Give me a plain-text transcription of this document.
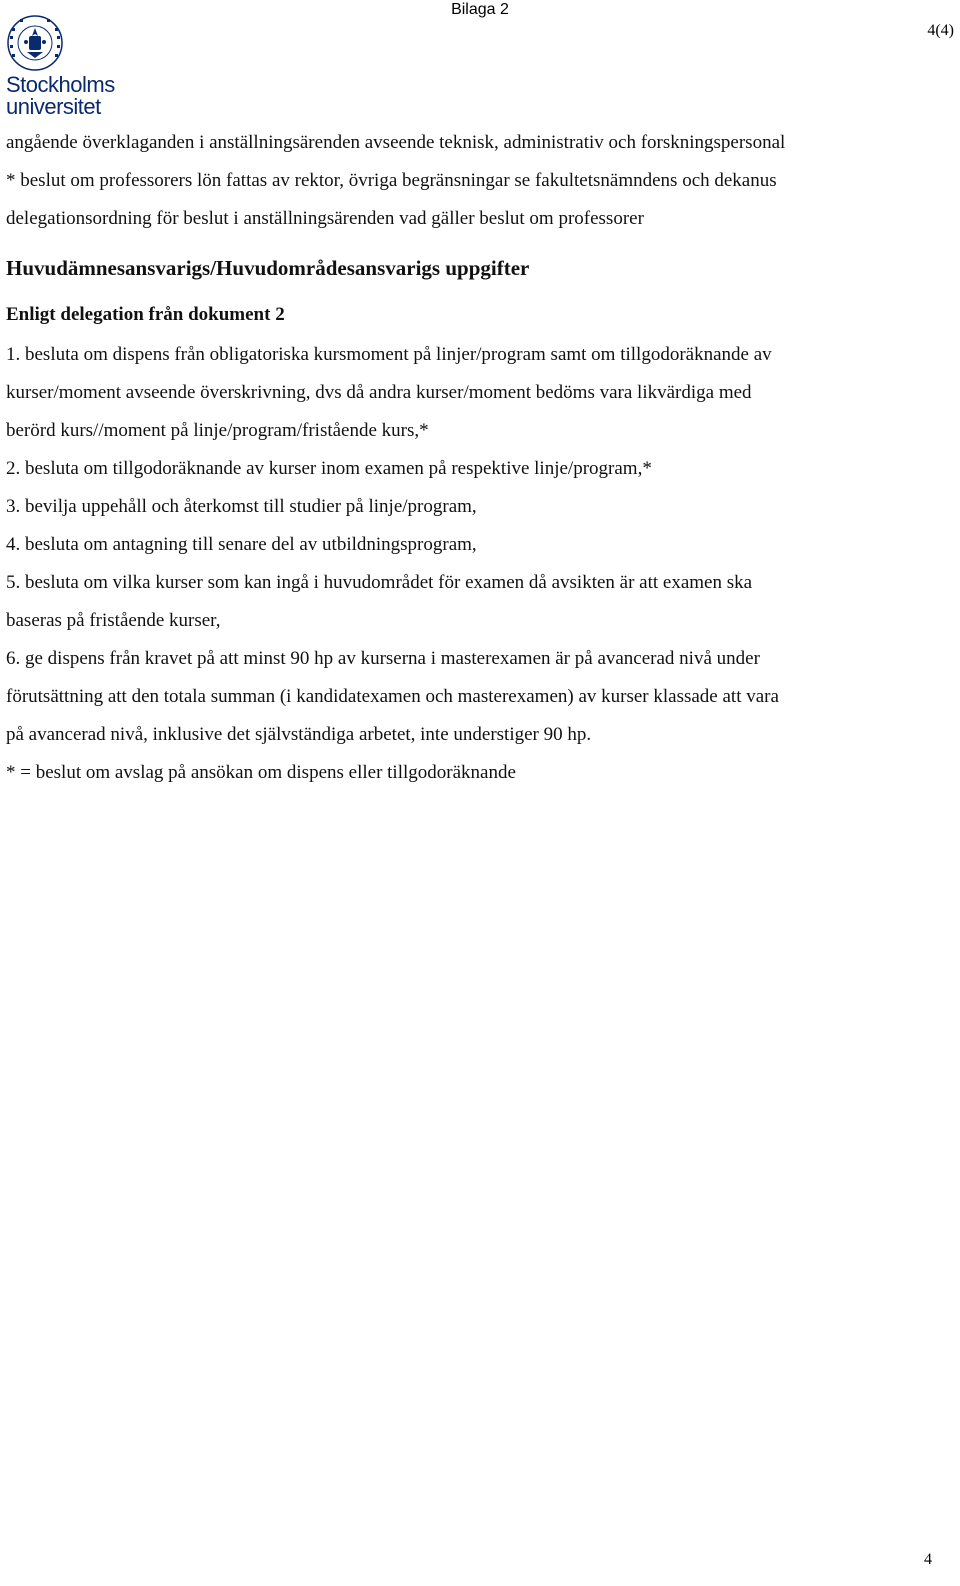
Bilaga 2
4(4)
Stockholms
universitet

angående överklaganden i anställningsärenden avseende teknisk, administrativ och forskningspersonal

* beslut om professorers lön fattas av rektor, övriga begränsningar se fakultetsnämndens och dekanus

delegationsordning för beslut i anställningsärenden vad gäller beslut om professorer

Huvudämnesansvarigs/Huvudområdesansvarigs uppgifter

Enligt delegation från dokument 2

1. besluta om dispens från obligatoriska kursmoment på linjer/program samt om tillgodoräknande av

kurser/moment avseende överskrivning, dvs då andra kurser/moment bedöms vara likvärdiga med

berörd kurs//moment på linje/program/fristående kurs,*

2. besluta om tillgodoräknande av kurser inom examen på respektive linje/program,*

3. bevilja uppehåll och återkomst till studier på linje/program,

4. besluta om antagning till senare del av utbildningsprogram,

5. besluta om vilka kurser som kan ingå i huvudområdet för examen då avsikten är att examen ska

baseras på fristående kurser,

6. ge dispens från kravet på att minst 90 hp av kurserna i masterexamen är på avancerad nivå under

förutsättning att den totala summan (i kandidatexamen och masterexamen) av kurser klassade att vara

på avancerad nivå, inklusive det självständiga arbetet, inte understiger 90 hp.

* = beslut om avslag på ansökan om dispens eller tillgodoräknande

4
